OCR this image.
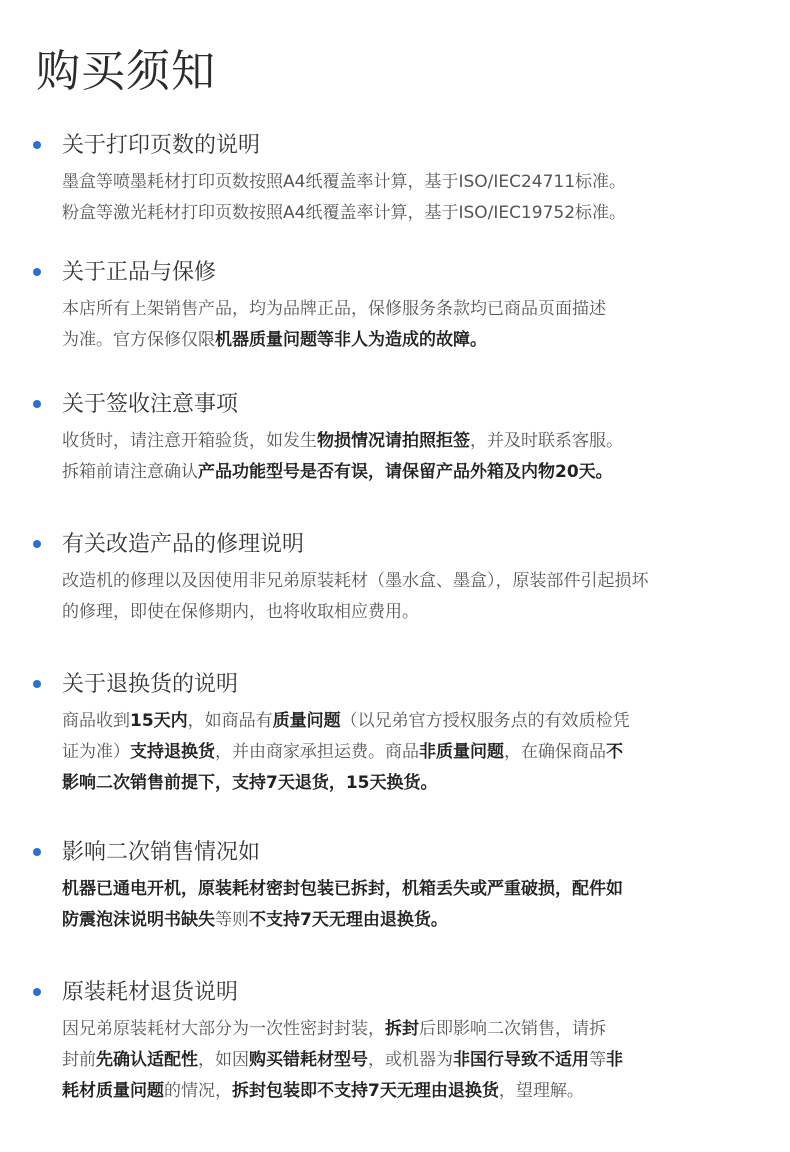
购买须知
关于打印页数的说明
墨盒等喷墨耗材打印页数按照A4纸覆盖率计算，基于ISO/IEC24711标准。
粉盒等激光耗材打印页数按照A4纸覆盖率计算，基于ISO/IEC19752标准。
关于正品与保修
本店所有上架销售产品，均为品牌正品，保修服务条款均已商品页面描述
为准。官方保修仅限机器质量问题等非人为造成的故障。
关于签收注意事项
收货时，请注意开箱验货，如发生物损情况请拍照拒签，并及时联系客服。
拆箱前请注意确认产品功能型号是否有误，请保留产品外箱及内物20天。
有关改造产品的修理说明
改造机的修理以及因使用非兄弟原装耗材（墨水盒、墨盒），原装部件引起损坏
的修理，即使在保修期内，也将收取相应费用。
关于退换货的说明
商品收到15天内，如商品有质量问题（以兄弟官方授权服务点的有效质检凭
证为准）支持退换货，并由商家承担运费。商品非质量问题，在确保商品不
影响二次销售前提下，支持7天退货，15天换货。
影响二次销售情况如
机器已通电开机，原装耗材密封包装已拆封，机箱丢失或严重破损，配件如
防震泡沫说明书缺失等则不支持7天无理由退换货。
原装耗材退货说明
因兄弟原装耗材大部分为一次性密封封装，拆封后即影响二次销售，请拆
封前先确认适配性，如因购买错耗材型号，或机器为非国行导致不适用等非
耗材质量问题的情况，拆封包装即不支持7天无理由退换货，望理解。
